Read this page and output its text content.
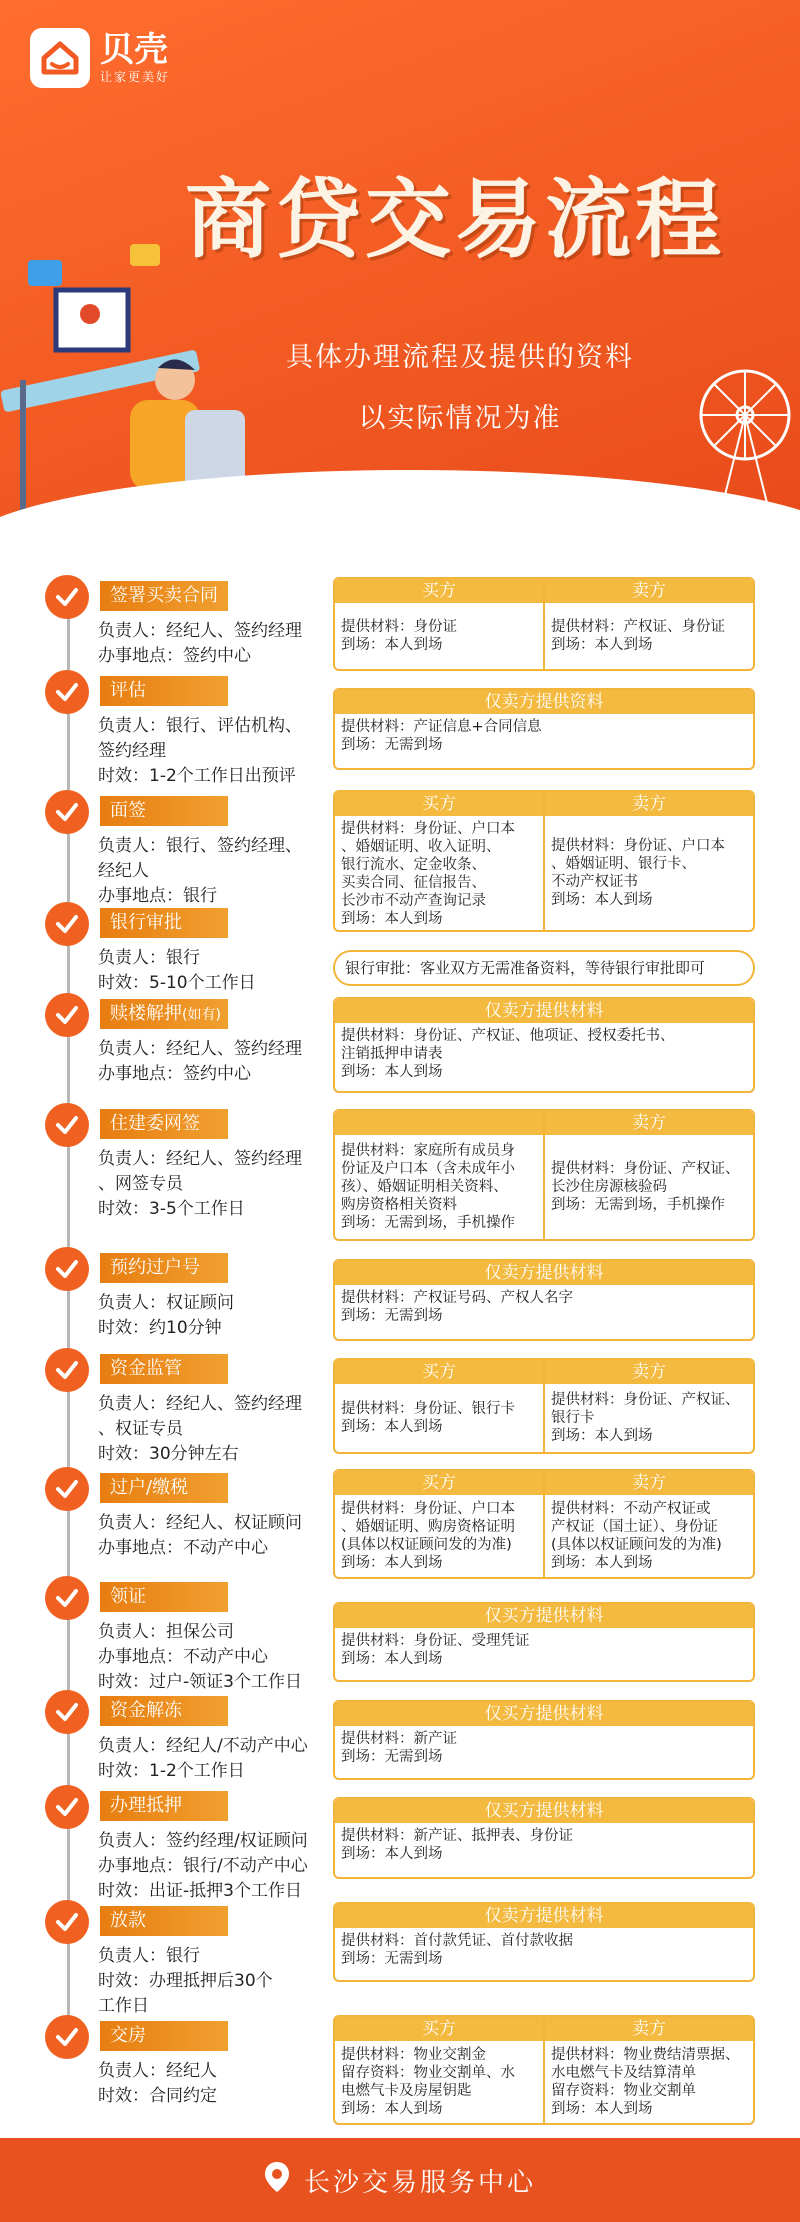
贝壳
让家更美好
商贷交易流程
具体办理流程及提供的资料
以实际情况为准
签署买卖合同
负责人：经纪人、签约经理
办事地点：签约中心
买方
提供材料：身份证
到场：本人到场
卖方
提供材料：产权证、身份证
到场：本人到场
评估
负责人：银行、评估机构、
签约经理
时效：1-2个工作日出预评
仅卖方提供资料
提供材料：产证信息+合同信息
到场：无需到场
面签
负责人：银行、签约经理、
经纪人
办事地点：银行
买方
提供材料：身份证、户口本
、婚姻证明、收入证明、
银行流水、定金收条、
买卖合同、征信报告、
长沙市不动产查询记录
到场：本人到场
卖方
提供材料：身份证、户口本
、婚姻证明、银行卡、
不动产权证书
到场：本人到场
银行审批
负责人：银行
时效：5-10个工作日
银行审批：客业双方无需准备资料，等待银行审批即可
赎楼解押(如有)
负责人：经纪人、签约经理
办事地点：签约中心
仅卖方提供材料
提供材料：身份证、产权证、他项证、授权委托书、
注销抵押申请表
到场：本人到场
住建委网签
负责人：经纪人、签约经理
、网签专员
时效：3-5个工作日
提供材料：家庭所有成员身
份证及户口本（含未成年小
孩）、婚姻证明相关资料、
购房资格相关资料
到场：无需到场，手机操作
卖方
提供材料：身份证、产权证、
长沙住房源核验码
到场：无需到场，手机操作
预约过户号
负责人：权证顾问
时效：约10分钟
仅卖方提供材料
提供材料：产权证号码、产权人名字
到场：无需到场
资金监管
负责人：经纪人、签约经理
、权证专员
时效：30分钟左右
买方
提供材料：身份证、银行卡
到场：本人到场
卖方
提供材料：身份证、产权证、
银行卡
到场：本人到场
过户/缴税
负责人：经纪人、权证顾问
办事地点：不动产中心
买方
提供材料：身份证、户口本
、婚姻证明、购房资格证明
(具体以权证顾问发的为准)
到场：本人到场
卖方
提供材料：不动产权证或
产权证（国土证）、身份证
(具体以权证顾问发的为准)
到场：本人到场
领证
负责人：担保公司
办事地点：不动产中心
时效：过户-领证3个工作日
仅买方提供材料
提供材料：身份证、受理凭证
到场：本人到场
资金解冻
负责人：经纪人/不动产中心
时效：1-2个工作日
仅买方提供材料
提供材料：新产证
到场：无需到场
办理抵押
负责人：签约经理/权证顾问
办事地点：银行/不动产中心
时效：出证-抵押3个工作日
仅买方提供材料
提供材料：新产证、抵押表、身份证
到场：本人到场
放款
负责人：银行
时效：办理抵押后30个
工作日
仅卖方提供材料
提供材料：首付款凭证、首付款收据
到场：无需到场
交房
负责人：经纪人
时效：合同约定
买方
提供材料：物业交割金
留存资料：物业交割单、水
电燃气卡及房屋钥匙
到场：本人到场
卖方
提供材料：物业费结清票据、
水电燃气卡及结算清单
留存资料：物业交割单
到场：本人到场
长沙交易服务中心
